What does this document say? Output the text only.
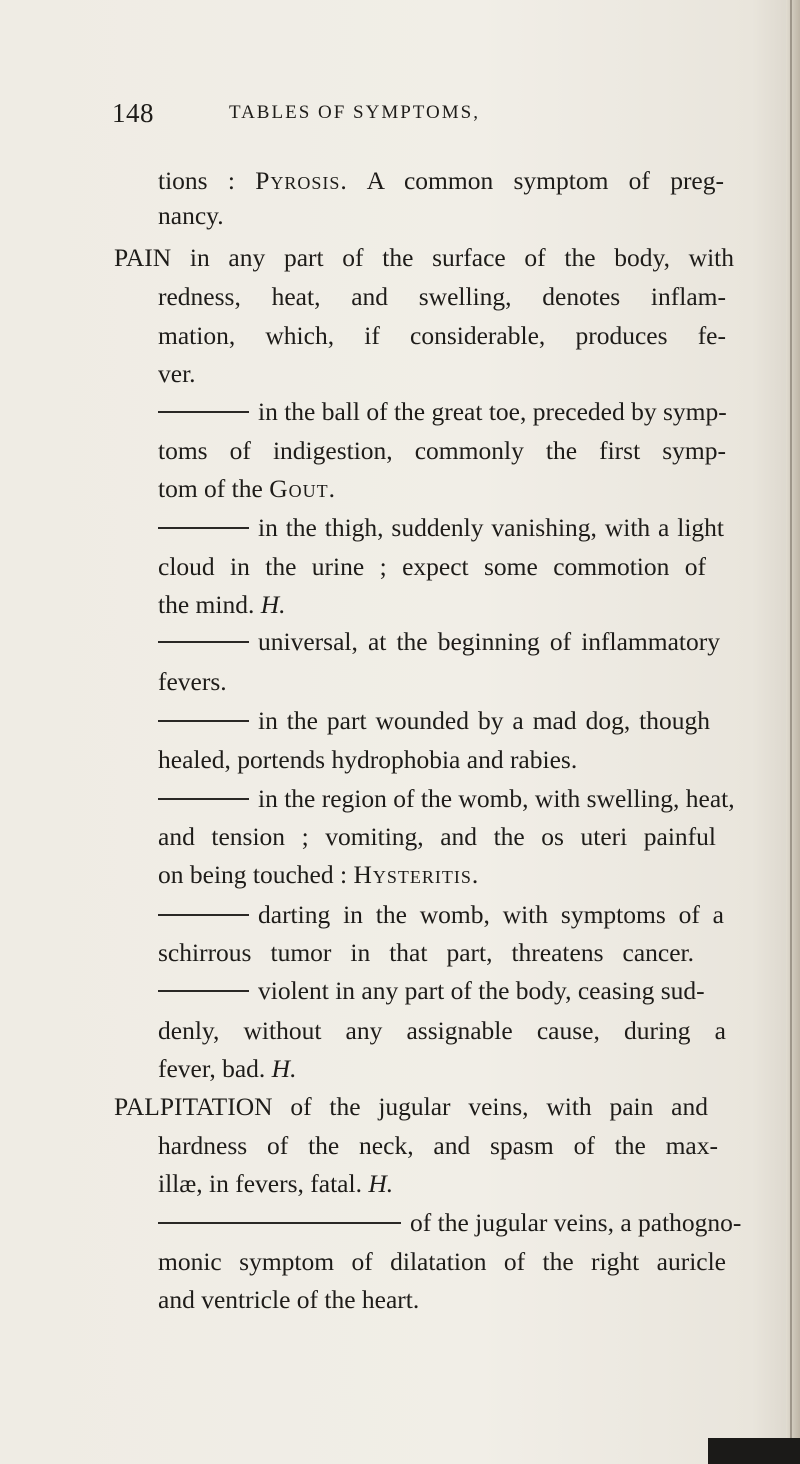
148	TABLES OF SYMPTOMS,
tions : Pyrosis. A common symptom of preg-
nancy.
PAIN in any part of the surface of the body, with
redness, heat, and swelling, denotes inflam-
mation, which, if considerable, produces fe-
ver.
in the ball of the great toe, preceded by symp-
toms of indigestion, commonly the first symp-
tom of the Gout.
in the thigh, suddenly vanishing, with a light
cloud in the urine ; expect some commotion of
the mind. H.
universal, at the beginning of inflammatory
fevers.
in the part wounded by a mad dog, though
healed, portends hydrophobia and rabies.
in the region of the womb, with swelling, heat,
and tension ; vomiting, and the os uteri painful
on being touched : Hysteritis.
darting in the womb, with symptoms of a
schirrous tumor in that part, threatens cancer.
violent in any part of the body, ceasing sud-
denly, without any assignable cause, during a
fever, bad. H.
PALPITATION of the jugular veins, with pain and
hardness of the neck, and spasm of the max-
illæ, in fevers, fatal. H.
of the jugular veins, a pathogno-
monic symptom of dilatation of the right auricle
and ventricle of the heart.
